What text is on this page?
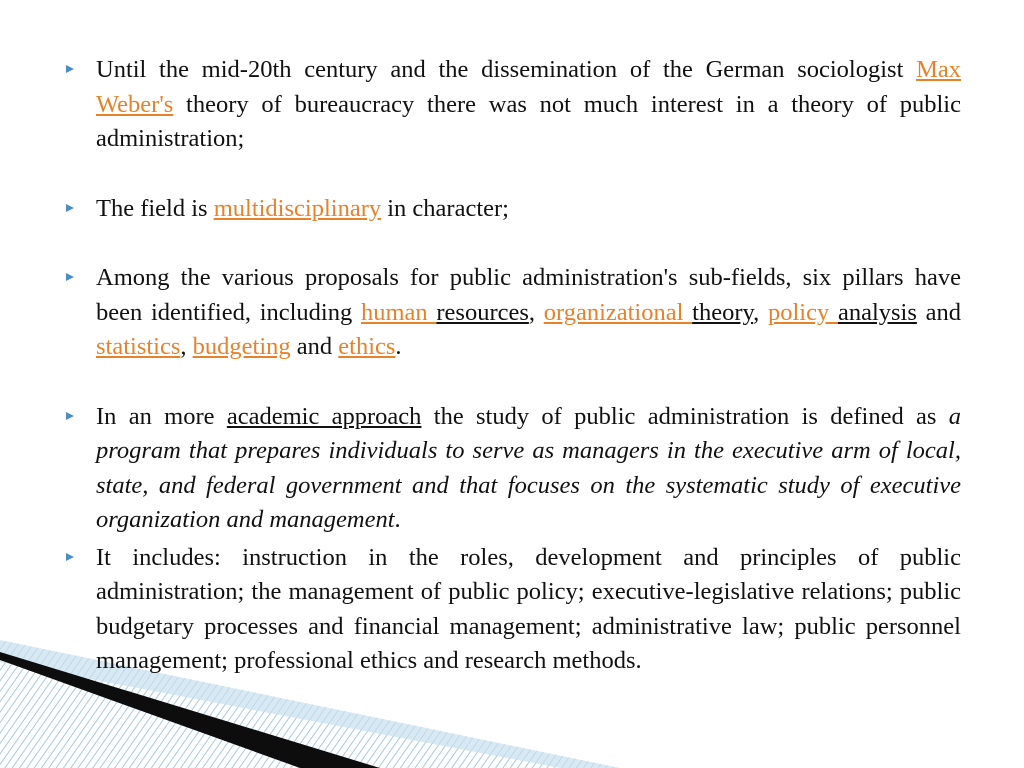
Until the mid-20th century and the dissemination of the German sociologist Max Weber's theory of bureaucracy there was not much interest in a theory of public administration;
The field is multidisciplinary in character;
Among the various proposals for public administration's sub-fields, six pillars have been identified, including human resources, organizational theory, policy analysis and statistics, budgeting and ethics.
In an more academic approach the study of public administration is defined as a program that prepares individuals to serve as managers in the executive arm of local, state, and federal government and that focuses on the systematic study of executive organization and management.
It includes: instruction in the roles, development and principles of public administration; the management of public policy; executive-legislative relations; public budgetary processes and financial management; administrative law; public personnel management; professional ethics and research methods.
